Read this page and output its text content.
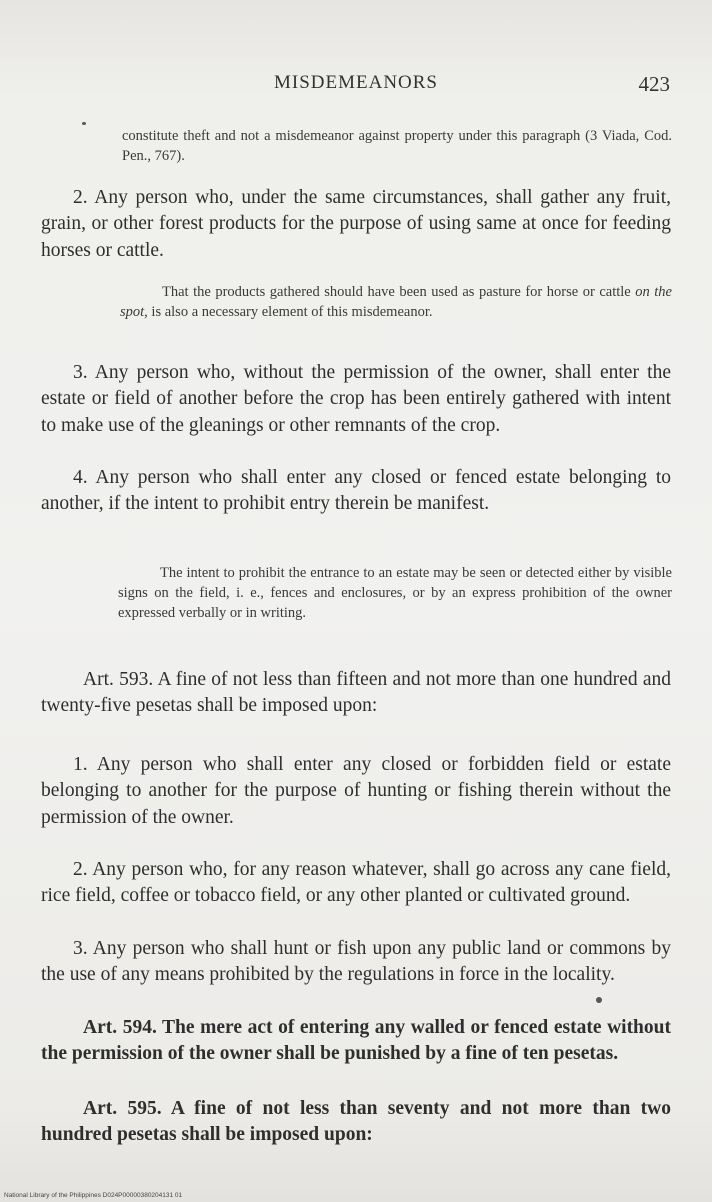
MISDEMEANORS	423

constitute theft and not a misdemeanor against property under this paragraph (3 Viada, Cod. Pen., 767).

2. Any person who, under the same circumstances, shall gather any fruit, grain, or other forest products for the purpose of using same at once for feeding horses or cattle.

That the products gathered should have been used as pasture for horse or cattle on the spot, is also a necessary element of this misdemeanor.

3. Any person who, without the permission of the owner, shall enter the estate or field of another before the crop has been entirely gathered with intent to make use of the gleanings or other remnants of the crop.

4. Any person who shall enter any closed or fenced estate belonging to another, if the intent to prohibit entry therein be manifest.

The intent to prohibit the entrance to an estate may be seen or detected either by visible signs on the field, i. e., fences and enclosures, or by an express prohibition of the owner expressed verbally or in writing.

Art. 593. A fine of not less than fifteen and not more than one hundred and twenty-five pesetas shall be imposed upon:

1. Any person who shall enter any closed or forbidden field or estate belonging to another for the purpose of hunting or fishing therein without the permission of the owner.

2. Any person who, for any reason whatever, shall go across any cane field, rice field, coffee or tobacco field, or any other planted or cultivated ground.

3. Any person who shall hunt or fish upon any public land or commons by the use of any means prohibited by the regulations in force in the locality.

Art. 594. The mere act of entering any walled or fenced estate without the permission of the owner shall be punished by a fine of ten pesetas.

Art. 595. A fine of not less than seventy and not more than two hundred pesetas shall be imposed upon:

National Library of the Philippines D024P00000380204131 01
